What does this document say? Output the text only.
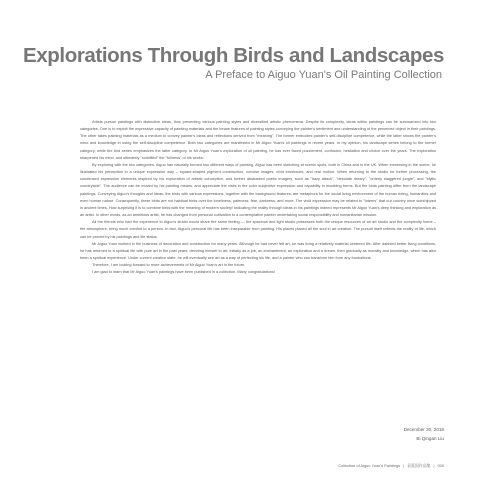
Explorations Through Birds and Landscapes
A Preface to Aiguo Yuan's Oil Painting Collection

Artists pursue paintings with distinctive ideas, thus presenting various painting styles and diversified artistic phenomena. Despite its complexity, ideas within paintings can be summarized into two categories. One is to exploit the expressive capacity of painting materials and the innate features of painting styles,conveying the painter's sentiment and understanding of the perceived object in their paintings. The other takes painting materials as a medium to convey painter's ideas and reflections derived from "meaning". The former embodies painter's self-discipline competence, while the latter shows the painter's mind and knowledge in using the self-discipline competence. Both two categories are manifested in Mr Aiguo Yuan's oil paintings in recent years. In my opinion, his landscape series belong to the former category, while the bird series emphasizes the latter category. In Mr Aiguo Yuan's exploration of oil painting, he has ever faced puzzlement, confusion, hesitation and choice over the years. The exploration sharpened his mind, and ultimately "solidified" the "fullness" of his works.

By exploring with the two categories, Aiguo has naturally formed two different ways of painting. Aiguo has been sketching at scenic spots, both in China and in the UK. When immersing in the scene, he illustrated his perception in a unique expression way – square-shaped pigment construction, concise images, vivid brushwork, and real motion. When returning to the studio for further processing, the condensed expression elements inspired by his exploration of artistic conception, and further abstracted poetic imagery, such as "hazy attack", "desolate dreary", "orderly staggered jungle", and "idyllic countryside". The audience can be moved by his painting means, and appreciate the visits in the color subjective expression and capability in modeling forms. But the birds painting differ from the landscape paintings. Conveying Aiguo's thoughts and ideas, the birds with various expressions, together with the background features, are metaphors for the social living environment of the human being, humanities and even human nature. Consequently, these birds are not habitual birds over the loneliness, paleness, fear, darkness, and more. The vivid expression may be related to "totems" that our country once worshipped in ancient times. How surprising it is to combine birds with the meaning of modern society! Indicating the reality through ideas in his paintings indeed represents Mr Aiguo Yuan's deep thinking and exploration as an artist. In other words, as an ambitious artist, he has changed from personal cultivation to a contemplative painter undertaking social responsibility and humanitarian mission.

All the friends who had the experience to Aiguo's studio would share the same feeling — the spacious and light studio possesses both the unique resources of an art studio and the complexity home – the atmosphere, bring much comfort to a person. In fact, Aiguo's personal life has been inseparable from painting. His places placed all the soul in art creation. The pursuit itself reflects the reality of life, which can be proved by his paintings and life status.

Mr Aiguo Yuan worked in the business of decoration and construction for many years. Although he had never left art, he was living a relatively material-centered life. After dabbled better living conditions, he has returned to a spiritual life with pure art in the past years, devoting himself to art, initially as a job, an enchantment, an exploration and a dream, then gradually as morality and knowledge, which has also been a spiritual experience. Under current creative state, he will eventually see art as a way of perfecting his life, and a painter who can transform him from any frustrations.

Therefore, I am looking forward to more achievements of Mr Aiguo Yuan's art in the future.

I am glad to learn that Mr Aiguo Yuan's paintings have been published in a collection. Many congratulations!

December 20, 2018
Bi Qingan Liu
Collection of Aiguo Yuan's Paintings | 袁爱国作品集 | 000
